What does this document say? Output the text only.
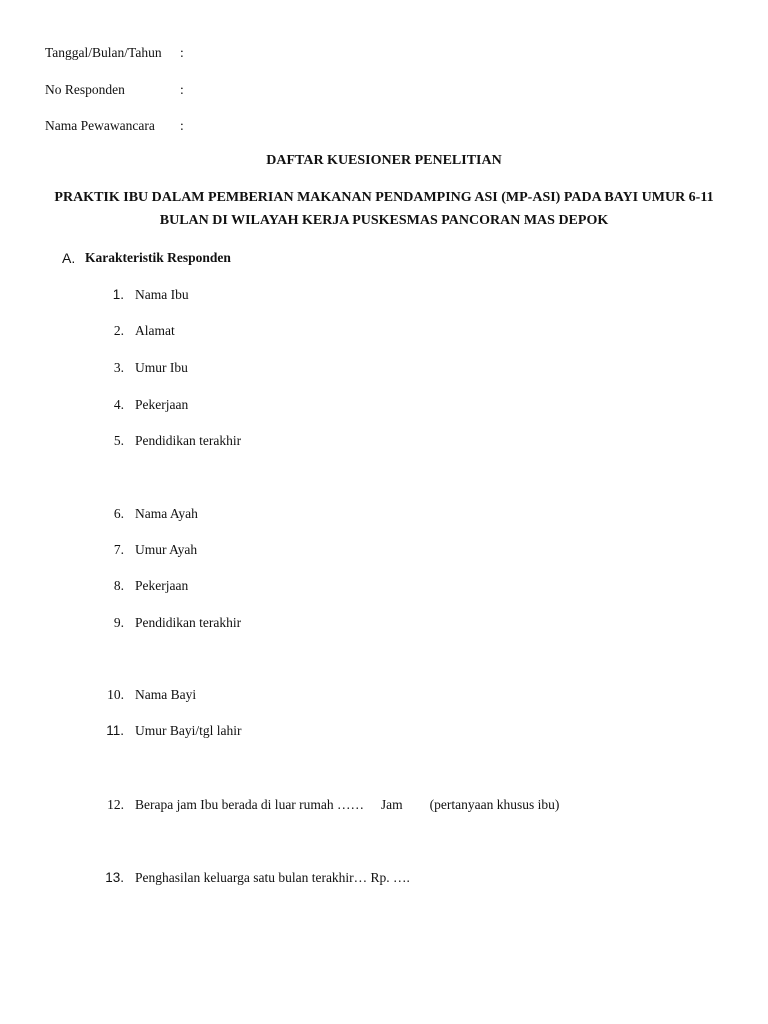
Tanggal/Bulan/Tahun :
No Responden	:
Nama Pewawancara :
DAFTAR KUESIONER PENELITIAN
PRAKTIK IBU DALAM PEMBERIAN MAKANAN PENDAMPING ASI (MP-ASI) PADA BAYI UMUR 6-11
BULAN DI WILAYAH KERJA PUSKESMAS PANCORAN MAS DEPOK
A. Karakteristik Responden
1. Nama Ibu
2. Alamat
3. Umur Ibu
4. Pekerjaan
5. Pendidikan terakhir
6. Nama Ayah
7. Umur Ayah
8. Pekerjaan
9. Pendidikan terakhir
10. Nama Bayi
11. Umur Bayi/tgl lahir
12. Berapa jam Ibu berada di luar rumah ……     Jam        (pertanyaan khusus ibu)
13. Penghasilan keluarga satu bulan terakhir… Rp. ….
